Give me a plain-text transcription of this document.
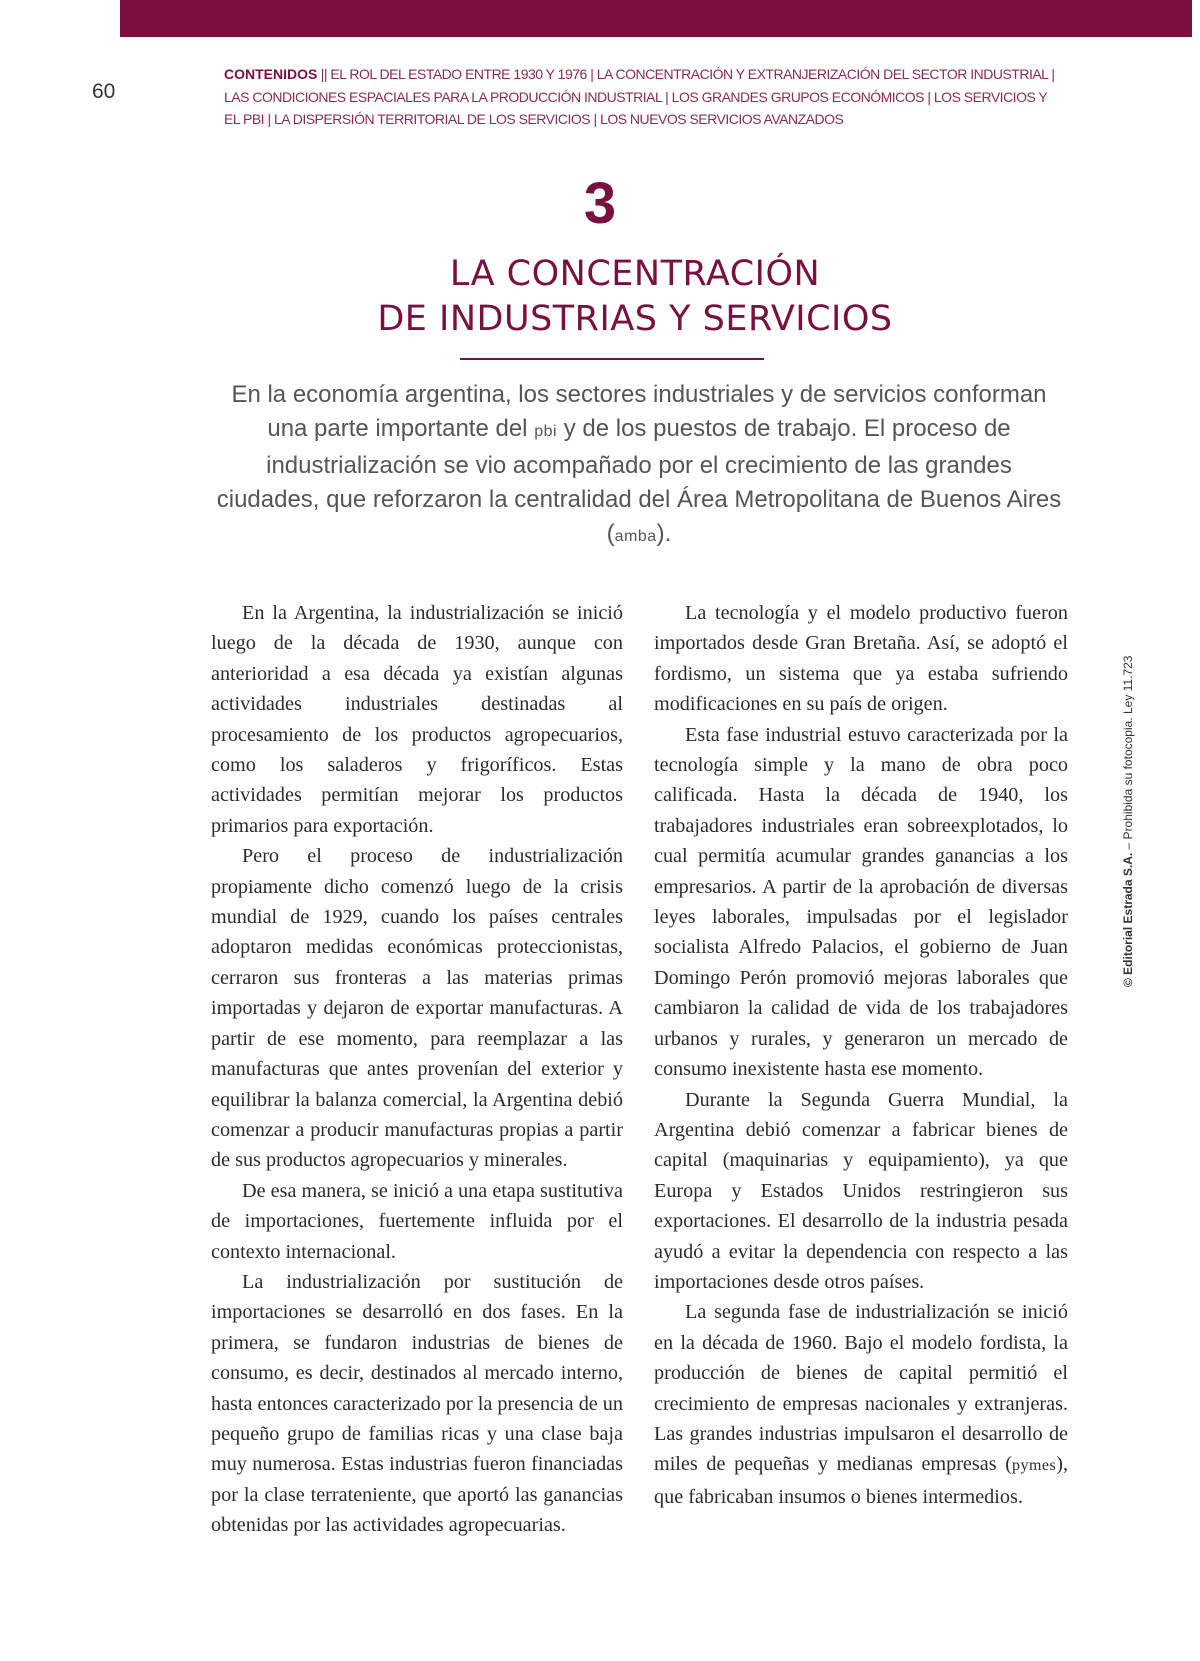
60
CONTENIDOS || EL ROL DEL ESTADO ENTRE 1930 Y 1976 | LA CONCENTRACIÓN Y EXTRANJERIZACIÓN DEL SECTOR INDUSTRIAL | LAS CONDICIONES ESPACIALES PARA LA PRODUCCIÓN INDUSTRIAL | LOS GRANDES GRUPOS ECONÓMICOS | LOS SERVICIOS Y EL PBI | LA DISPERSIÓN TERRITORIAL DE LOS SERVICIOS | LOS NUEVOS SERVICIOS AVANZADOS
3
LA CONCENTRACIÓN
DE INDUSTRIAS Y SERVICIOS
En la economía argentina, los sectores industriales y de servicios conforman una parte importante del pbi y de los puestos de trabajo. El proceso de industrialización se vio acompañado por el crecimiento de las grandes ciudades, que reforzaron la centralidad del Área Metropolitana de Buenos Aires (amba).

En la Argentina, la industrialización se inició luego de la década de 1930, aunque con anterioridad a esa década ya existían algunas actividades industriales destinadas al procesamiento de los productos agropecuarios, como los saladeros y frigoríficos. Estas actividades permitían mejorar los productos primarios para exportación.

Pero el proceso de industrialización propiamente dicho comenzó luego de la crisis mundial de 1929, cuando los países centrales adoptaron medidas económicas proteccionistas, cerraron sus fronteras a las materias primas importadas y dejaron de exportar manufacturas. A partir de ese momento, para reemplazar a las manufacturas que antes provenían del exterior y equilibrar la balanza comercial, la Argentina debió comenzar a producir manufacturas propias a partir de sus productos agropecuarios y minerales.

De esa manera, se inició a una etapa sustitutiva de importaciones, fuertemente influida por el contexto internacional.

La industrialización por sustitución de importaciones se desarrolló en dos fases. En la primera, se fundaron industrias de bienes de consumo, es decir, destinados al mercado interno, hasta entonces caracterizado por la presencia de un pequeño grupo de familias ricas y una clase baja muy numerosa. Estas industrias fueron financiadas por la clase terrateniente, que aportó las ganancias obtenidas por las actividades agropecuarias.

La tecnología y el modelo productivo fueron importados desde Gran Bretaña. Así, se adoptó el fordismo, un sistema que ya estaba sufriendo modificaciones en su país de origen.

Esta fase industrial estuvo caracterizada por la tecnología simple y la mano de obra poco calificada. Hasta la década de 1940, los trabajadores industriales eran sobreexplotados, lo cual permitía acumular grandes ganancias a los empresarios. A partir de la aprobación de diversas leyes laborales, impulsadas por el legislador socialista Alfredo Palacios, el gobierno de Juan Domingo Perón promovió mejoras laborales que cambiaron la calidad de vida de los trabajadores urbanos y rurales, y generaron un mercado de consumo inexistente hasta ese momento.

Durante la Segunda Guerra Mundial, la Argentina debió comenzar a fabricar bienes de capital (maquinarias y equipamiento), ya que Europa y Estados Unidos restringieron sus exportaciones. El desarrollo de la industria pesada ayudó a evitar la dependencia con respecto a las importaciones desde otros países.

La segunda fase de industrialización se inició en la década de 1960. Bajo el modelo fordista, la producción de bienes de capital permitió el crecimiento de empresas nacionales y extranjeras. Las grandes industrias impulsaron el desarrollo de miles de pequeñas y medianas empresas (pymes), que fabricaban insumos o bienes intermedios.

© Editorial Estrada S.A. – Prohibida su fotocopia. Ley 11.723
